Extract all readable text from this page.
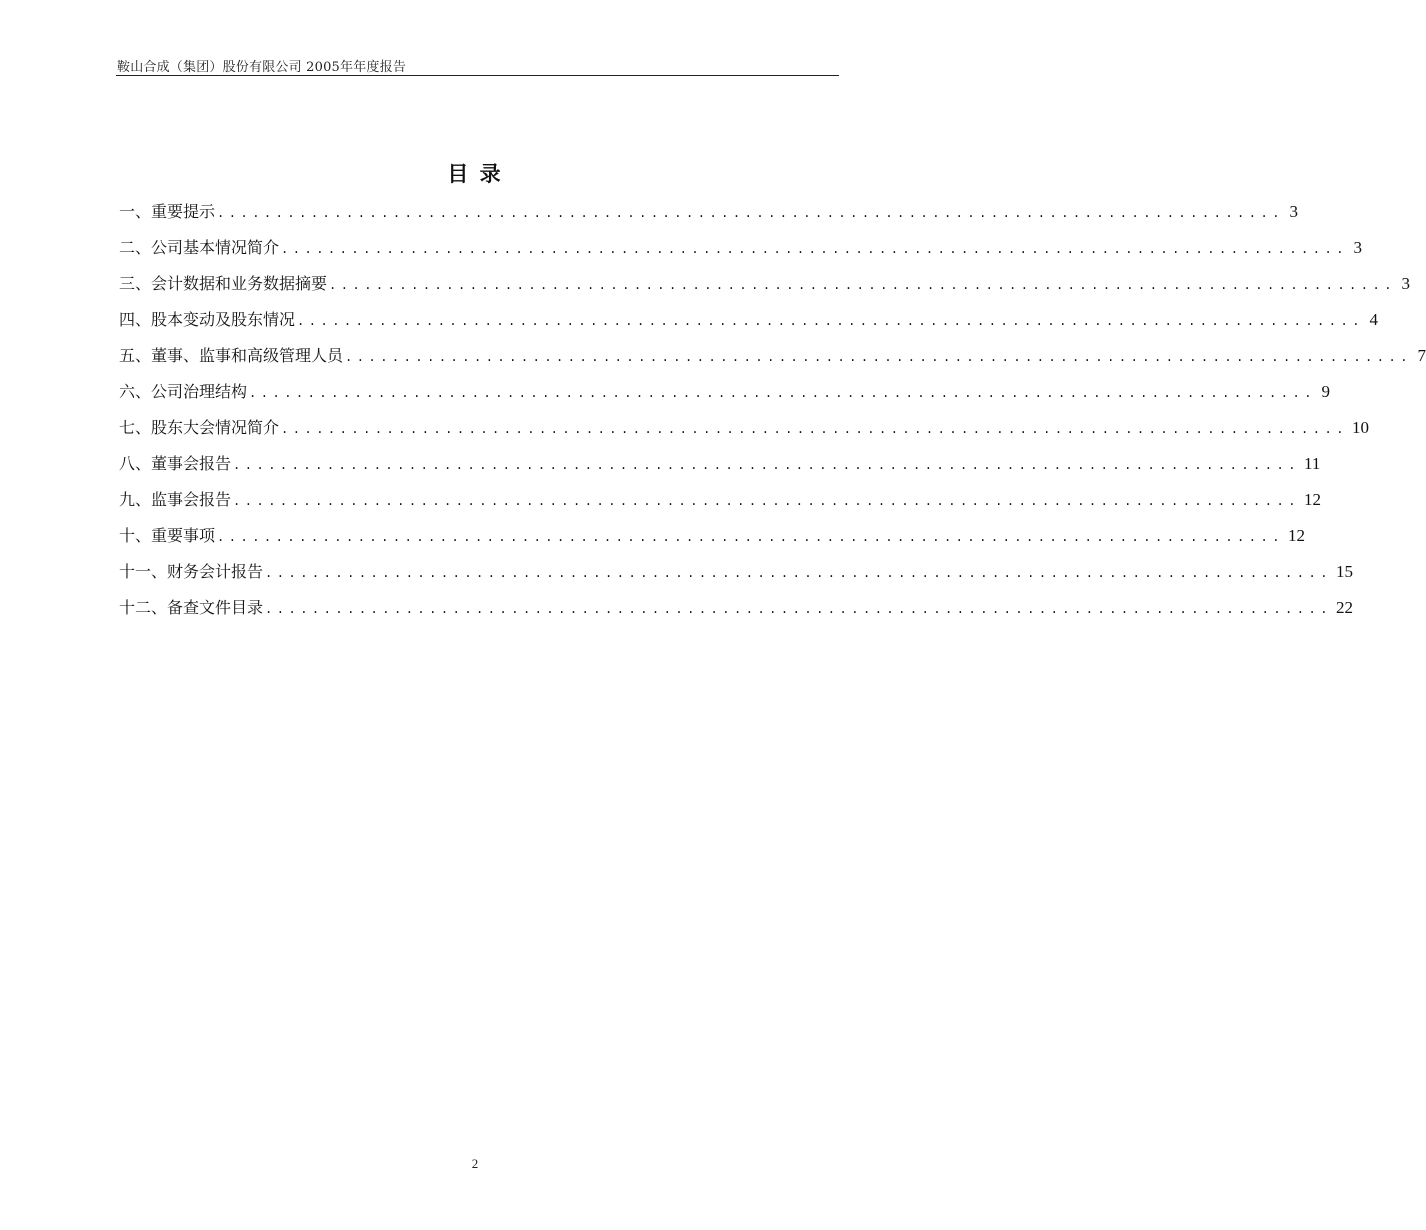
鞍山合成（集团）股份有限公司 2005年年度报告
目 录
一、重要提示 ........................................................................................... 3
二、公司基本情况简介 ........................................................................................... 3
三、会计数据和业务数据摘要 ........................................................................................... 3
四、股本变动及股东情况 ........................................................................................... 4
五、董事、监事和高级管理人员 ........................................................................................... 7
六、公司治理结构 ........................................................................................... 9
七、股东大会情况简介 ........................................................................................... 10
八、董事会报告 ........................................................................................... 11
九、监事会报告 ........................................................................................... 12
十、重要事项 ........................................................................................... 12
十一、财务会计报告 ........................................................................................... 15
十二、备查文件目录 ........................................................................................... 22
2
